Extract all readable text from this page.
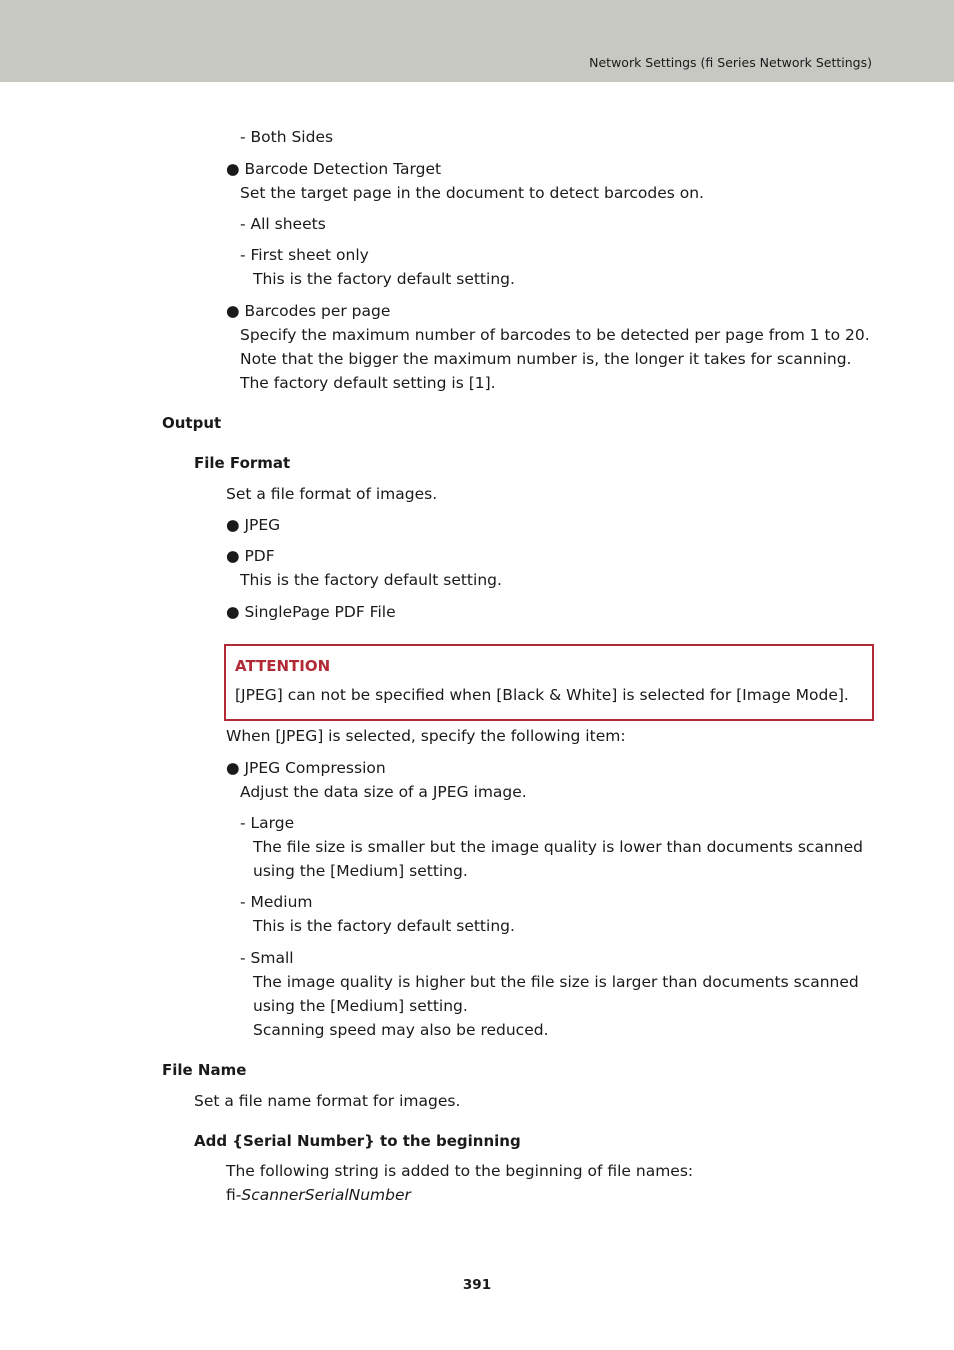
Network Settings (fi Series Network Settings)
- Both Sides
● Barcode Detection Target
Set the target page in the document to detect barcodes on.
- All sheets
- First sheet only
This is the factory default setting.
● Barcodes per page
Specify the maximum number of barcodes to be detected per page from 1 to 20.
Note that the bigger the maximum number is, the longer it takes for scanning.
The factory default setting is [1].
Output
File Format
Set a file format of images.
● JPEG
● PDF
This is the factory default setting.
● SinglePage PDF File
ATTENTION
[JPEG] can not be specified when [Black & White] is selected for [Image Mode].
When [JPEG] is selected, specify the following item:
● JPEG Compression
Adjust the data size of a JPEG image.
- Large
The file size is smaller but the image quality is lower than documents scanned
using the [Medium] setting.
- Medium
This is the factory default setting.
- Small
The image quality is higher but the file size is larger than documents scanned
using the [Medium] setting.
Scanning speed may also be reduced.
File Name
Set a file name format for images.
Add {Serial Number} to the beginning
The following string is added to the beginning of file names:
fi-ScannerSerialNumber
391
